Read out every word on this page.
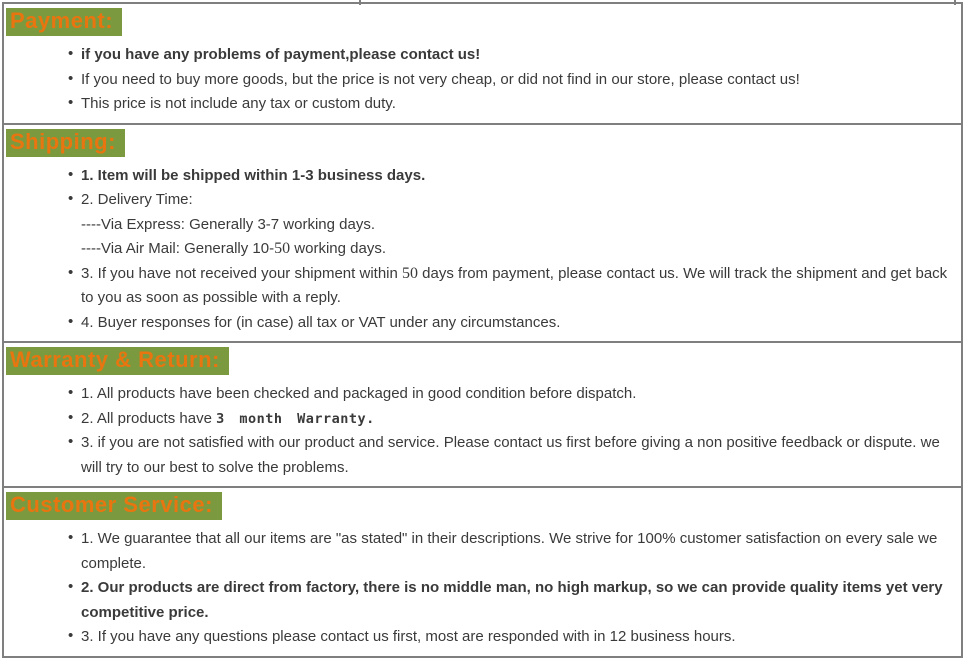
Payment:
• if you have any problems of payment,please contact us!
• If you need to buy more goods, but the price is not very cheap, or did not find in our store, please contact us!
• This price is not include any tax or custom duty.
Shipping:
• 1. Item will be shipped within 1-3 business days.
• 2. Delivery Time:
----Via Express: Generally 3-7 working days.
----Via Air Mail: Generally 10-50 working days.
• 3. If you have not received your shipment within 50 days from payment, please contact us. We will track the shipment and get back to you as soon as possible with a reply.
• 4. Buyer responses for (in case) all tax or VAT under any circumstances.
Warranty & Return:
• 1. All products have been checked and packaged in good condition before dispatch.
• 2. All products have 3 month Warranty.
• 3. if you are not satisfied with our product and service. Please contact us first before giving a non positive feedback or dispute. we will try to our best to solve the problems.
Customer Service:
• 1. We guarantee that all our items are "as stated" in their descriptions. We strive for 100% customer satisfaction on every sale we complete.
• 2. Our products are direct from factory, there is no middle man, no high markup, so we can provide quality items yet very competitive price.
• 3. If you have any questions please contact us first, most are responded with in 12 business hours.
